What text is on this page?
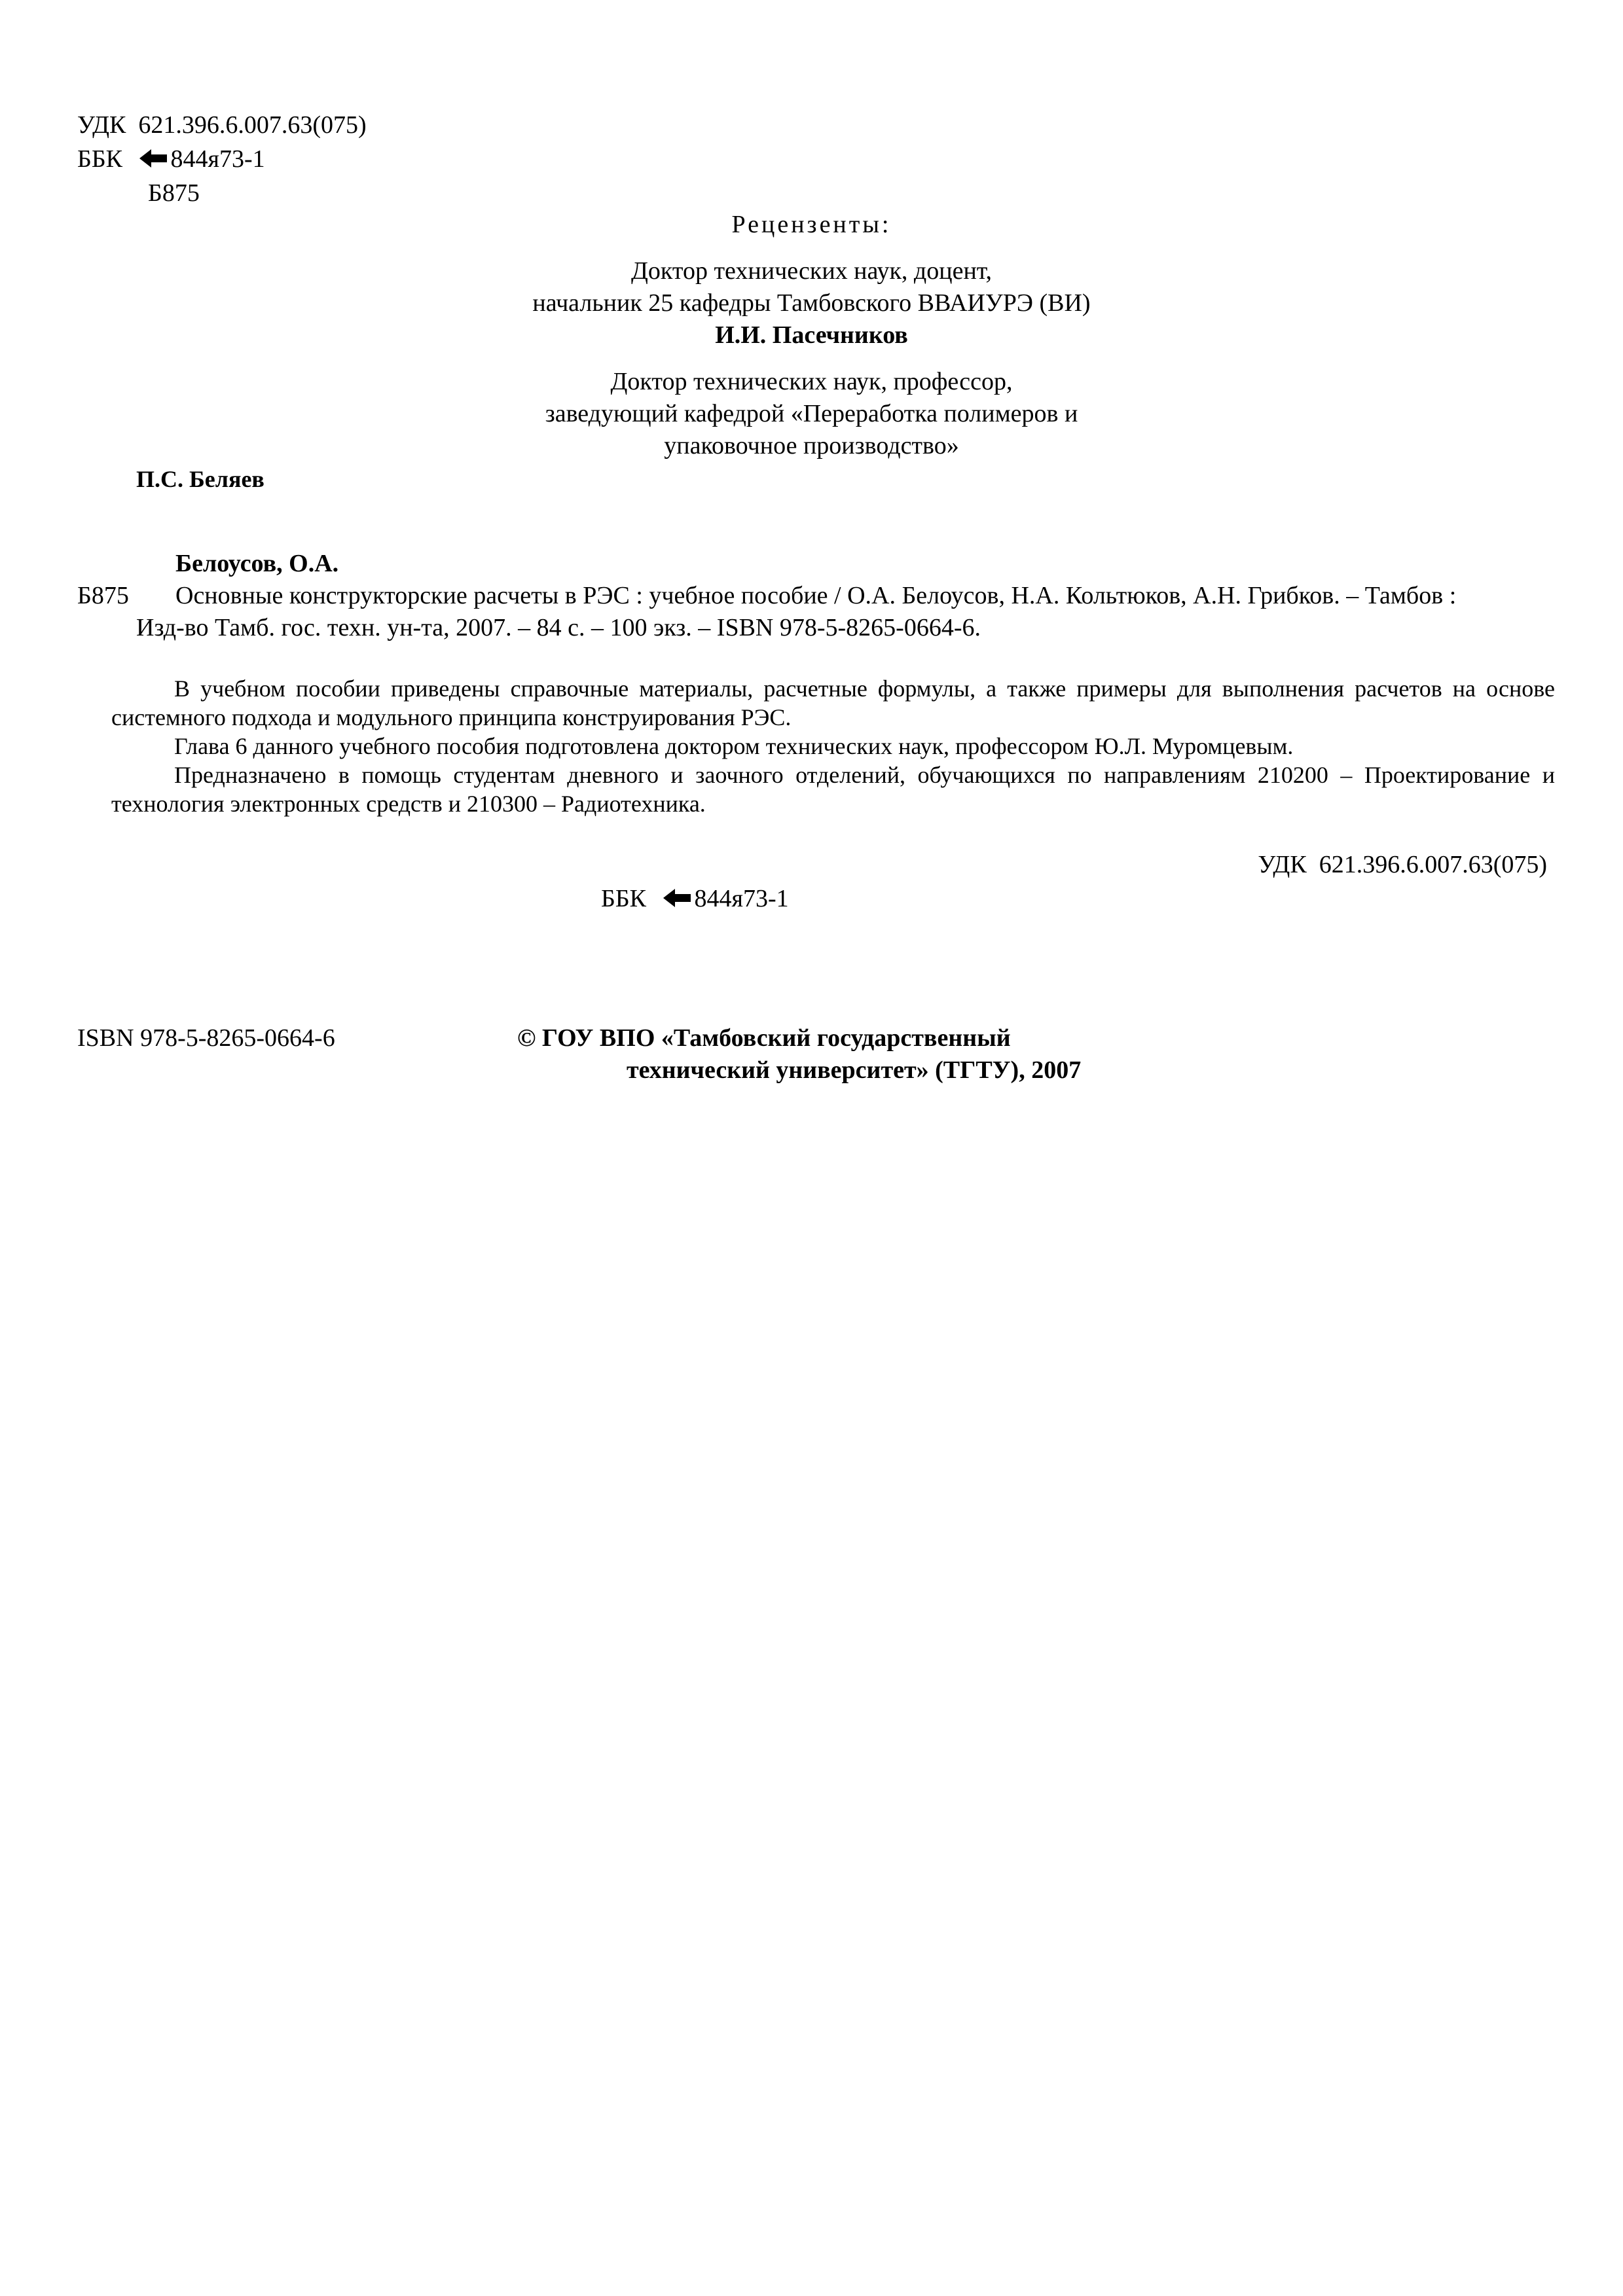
УДК 621.396.6.007.63(075)
ББК 844я73-1
Б875
Рецензенты:
Доктор технических наук, доцент,
начальник 25 кафедры Тамбовского ВВАИУРЭ (ВИ)
И.И. Пасечников
Доктор технических наук, профессор,
заведующий кафедрой «Переработка полимеров и
упаковочное производство»
П.С. Беляев
Белоусов, О.А.
Б875 Основные конструкторские расчеты в РЭС : учебное пособие / О.А. Белоусов, Н.А. Кольтюков, А.Н. Грибков. – Тамбов :
Изд-во Тамб. гос. техн. ун-та, 2007. – 84 с. – 100 экз. – ISBN 978-5-8265-0664-6.

В учебном пособии приведены справочные материалы, расчетные формулы, а также примеры для выполнения расчетов на основе системного подхода и модульного принципа конструирования РЭС.

Глава 6 данного учебного пособия подготовлена доктором технических наук, профессором Ю.Л. Муромцевым.

Предназначено в помощь студентам дневного и заочного отделений, обучающихся по направлениям 210200 – Проектирование и технология электронных средств и 210300 – Радиотехника.

УДК 621.396.6.007.63(075)
ББК 844я73-1
ISBN 978-5-8265-0664-6	© ГОУ ВПО «Тамбовский государственный
технический университет» (ТГТУ), 2007
